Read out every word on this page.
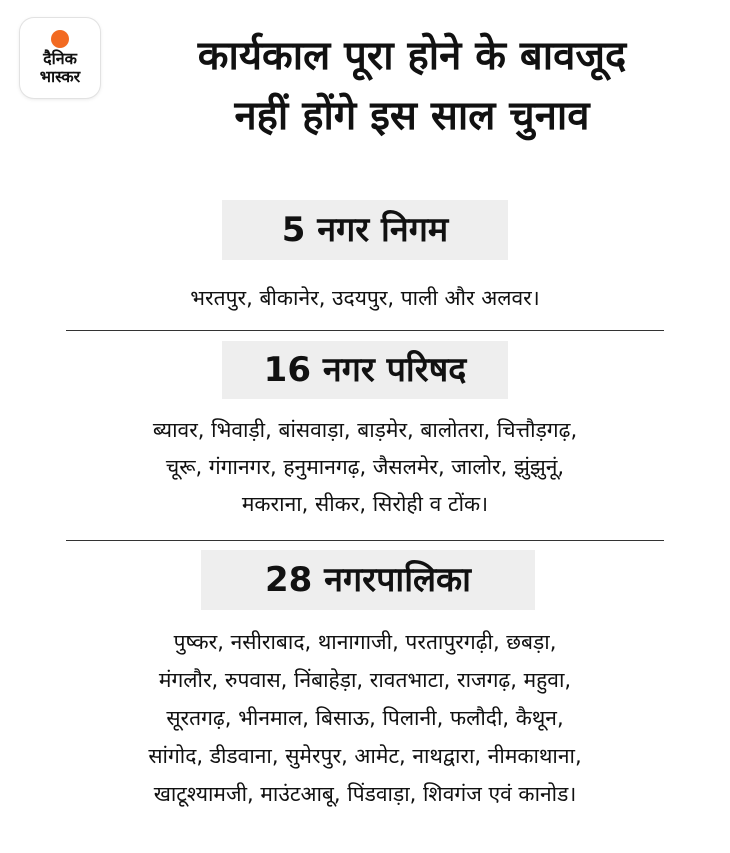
दैनिक
भास्कर	कार्यकाल पूरा होने के बावजूद
नहीं होंगे इस साल चुनाव
5 नगर निगम
भरतपुर, बीकानेर, उदयपुर, पाली और अलवर।
16 नगर परिषद
ब्यावर, भिवाड़ी, बांसवाड़ा, बाड़मेर, बालोतरा, चित्तौड़गढ़,
चूरू, गंगानगर, हनुमानगढ़, जैसलमेर, जालोर, झुंझुनूं,
मकराना, सीकर, सिरोही व टोंक।
28 नगरपालिका
पुष्कर, नसीराबाद, थानागाजी, परतापुरगढ़ी, छबड़ा,
मंगलौर, रुपवास, निंबाहेड़ा, रावतभाटा, राजगढ़, महुवा,
सूरतगढ़, भीनमाल, बिसाऊ, पिलानी, फलौदी, कैथून,
सांगोद, डीडवाना, सुमेरपुर, आमेट, नाथद्वारा, नीमकाथाना,
खाटूश्यामजी, माउंटआबू, पिंडवाड़ा, शिवगंज एवं कानोड।
